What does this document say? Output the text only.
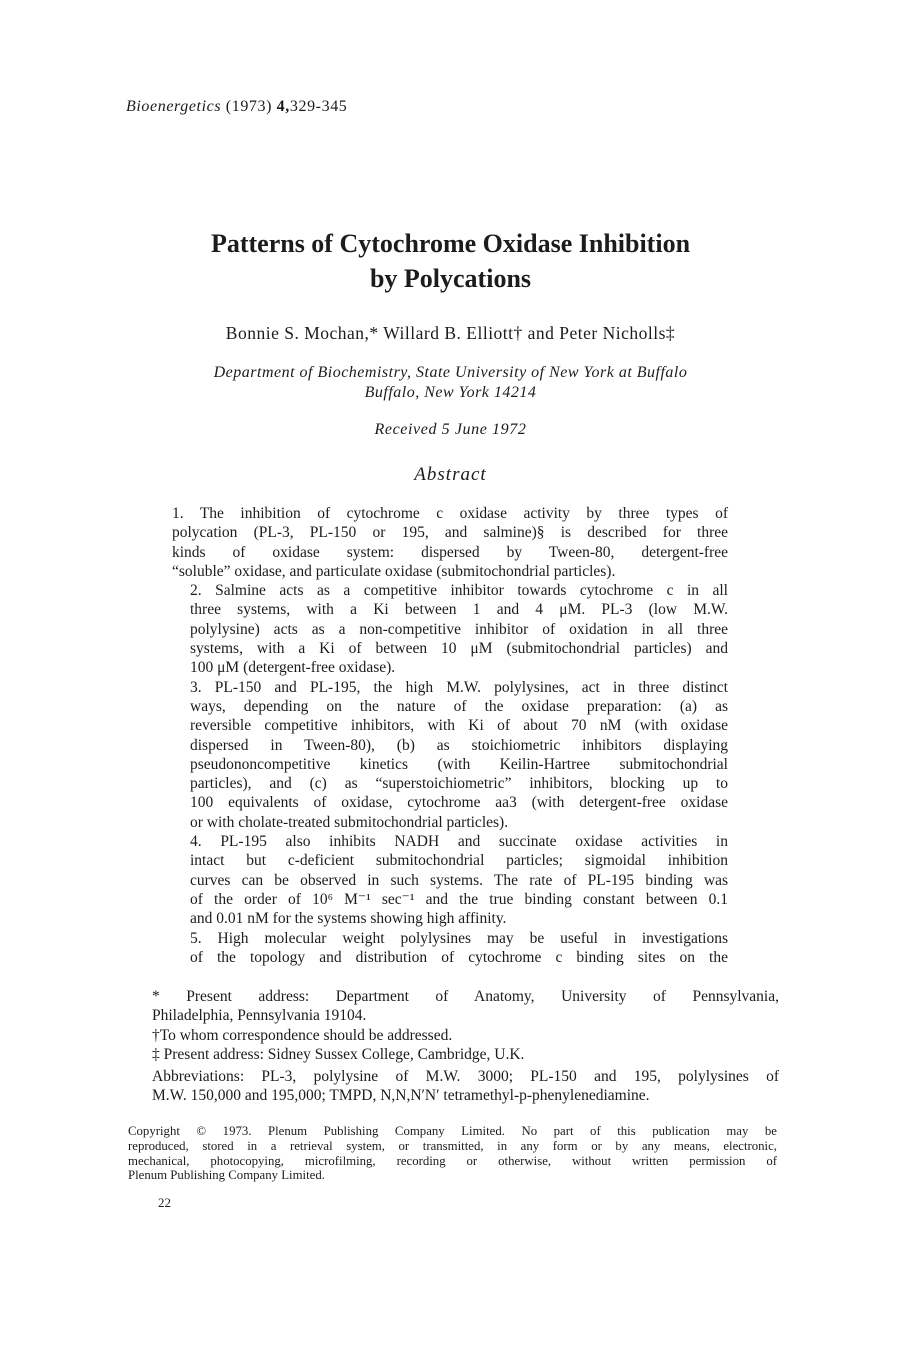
Bioenergetics (1973) 4,329-345
Patterns of Cytochrome Oxidase Inhibition
by Polycations
Bonnie S. Mochan,* Willard B. Elliott† and Peter Nicholls‡
Department of Biochemistry, State University of New York at Buffalo
Buffalo, New York 14214
Received 5 June 1972
Abstract

1. The inhibition of cytochrome c oxidase activity by three types of
polycation (PL-3, PL-150 or 195, and salmine)§ is described for three
kinds of oxidase system: dispersed by Tween-80, detergent-free
“soluble” oxidase, and particulate oxidase (submitochondrial particles).

2. Salmine acts as a competitive inhibitor towards cytochrome c in all
three systems, with a Ki between 1 and 4 μM. PL-3 (low M.W.
polylysine) acts as a non-competitive inhibitor of oxidation in all three
systems, with a Ki of between 10 μM (submitochondrial particles) and
100 μM (detergent-free oxidase).

3. PL-150 and PL-195, the high M.W. polylysines, act in three distinct
ways, depending on the nature of the oxidase preparation: (a) as
reversible competitive inhibitors, with Ki of about 70 nM (with oxidase
dispersed in Tween-80), (b) as stoichiometric inhibitors displaying
pseudononcompetitive kinetics (with Keilin-Hartree submitochondrial
particles), and (c) as “superstoichiometric” inhibitors, blocking up to
100 equivalents of oxidase, cytochrome aa3 (with detergent-free oxidase
or with cholate-treated submitochondrial particles).

4. PL-195 also inhibits NADH and succinate oxidase activities in
intact but c-deficient submitochondrial particles; sigmoidal inhibition
curves can be observed in such systems. The rate of PL-195 binding was
of the order of 10⁶ M⁻¹ sec⁻¹ and the true binding constant between 0.1
and 0.01 nM for the systems showing high affinity.

5. High molecular weight polylysines may be useful in investigations
of the topology and distribution of cytochrome c binding sites on the

* Present address: Department of Anatomy, University of Pennsylvania,
Philadelphia, Pennsylvania 19104.

†To whom correspondence should be addressed.

‡ Present address: Sidney Sussex College, Cambridge, U.K.

Abbreviations: PL-3, polylysine of M.W. 3000; PL-150 and 195, polylysines of
M.W. 150,000 and 195,000; TMPD, N,N,N′N′ tetramethyl-p-phenylenediamine.

Copyright © 1973. Plenum Publishing Company Limited. No part of this publication may be
reproduced, stored in a retrieval system, or transmitted, in any form or by any means, electronic,
mechanical, photocopying, microfilming, recording or otherwise, without written permission of
Plenum Publishing Company Limited.
22
